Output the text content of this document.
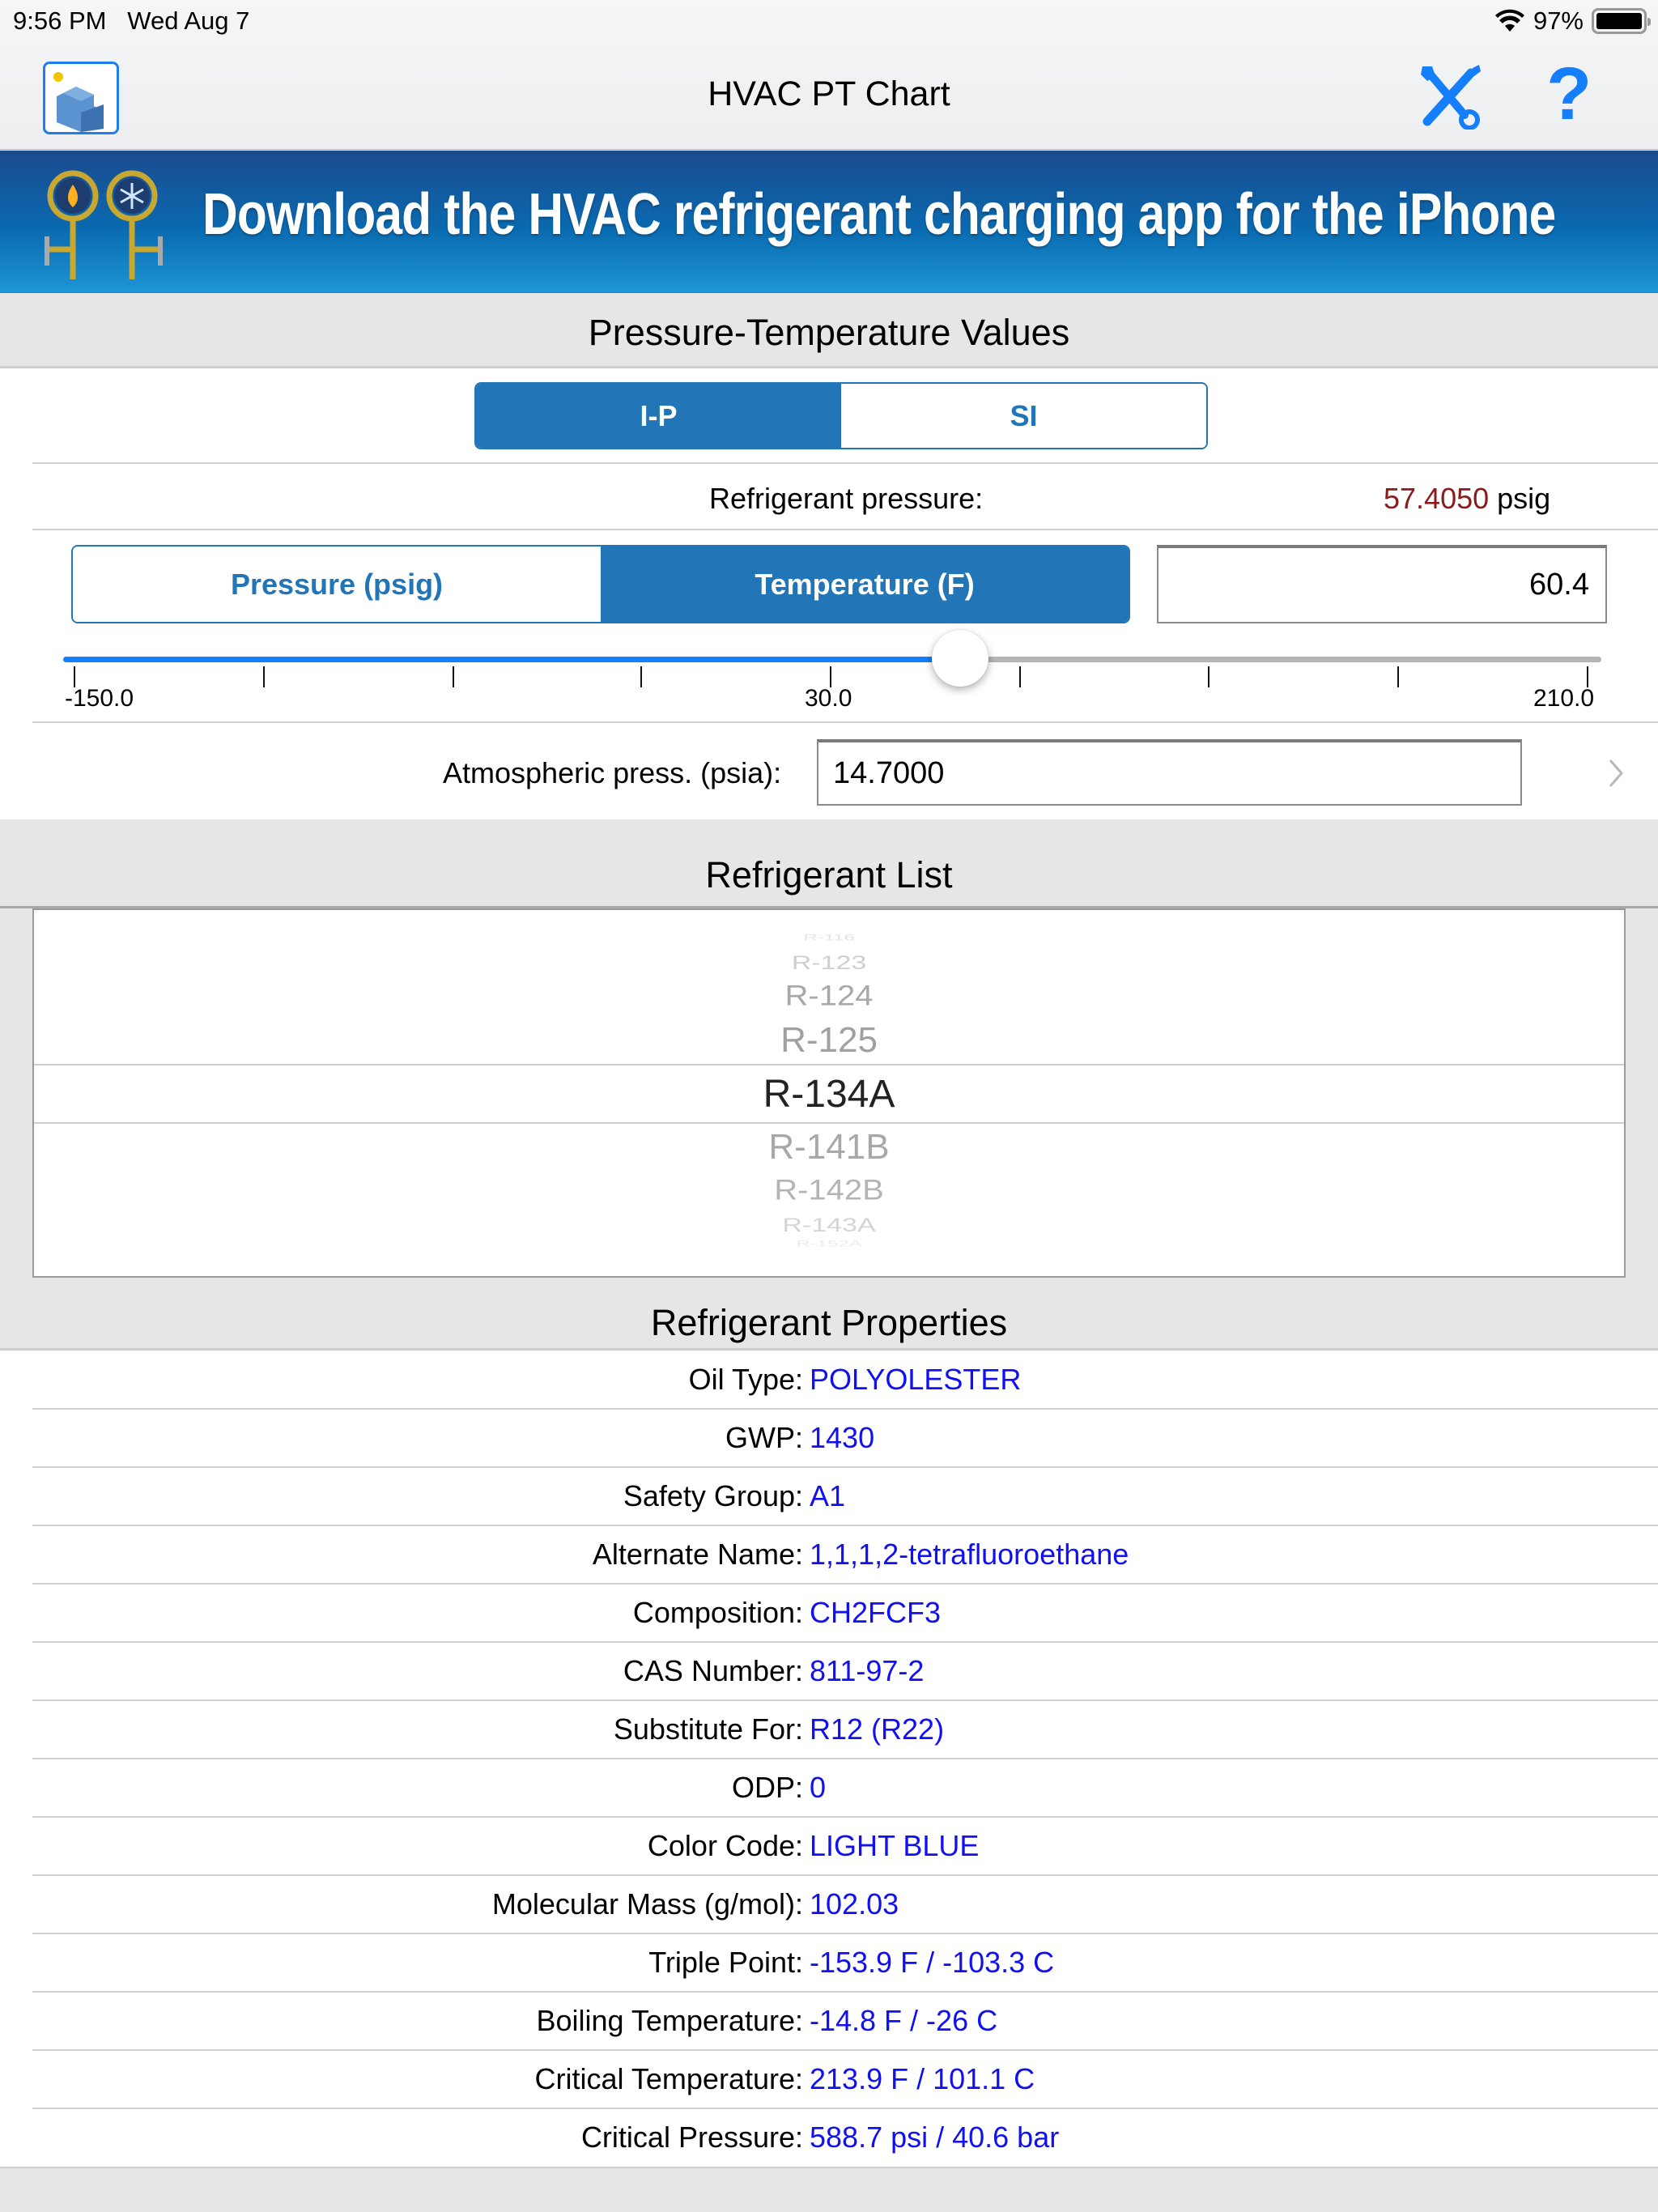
9:56 PM Wed Aug 7	97%
HVAC PT Chart	?
Download the HVAC refrigerant charging app for the iPhone
Pressure-Temperature Values
I-P	SI
Refrigerant pressure:	57.4050 psig
Pressure (psig)	Temperature (F)	60.4
-150.0	30.0	210.0
Atmospheric press. (psia):	14.7000
Refrigerant List
R-116
R-123
R-124
R-125
R-134A
R-141B
R-142B
R-143A
R-152A
Refrigerant Properties
Oil Type: POLYOLESTER
GWP: 1430
Safety Group: A1
Alternate Name: 1,1,1,2-tetrafluoroethane
Composition: CH2FCF3
CAS Number: 811-97-2
Substitute For: R12 (R22)
ODP: 0
Color Code: LIGHT BLUE
Molecular Mass (g/mol): 102.03
Triple Point: -153.9 F / -103.3 C
Boiling Temperature: -14.8 F / -26 C
Critical Temperature: 213.9 F / 101.1 C
Critical Pressure: 588.7 psi / 40.6 bar
